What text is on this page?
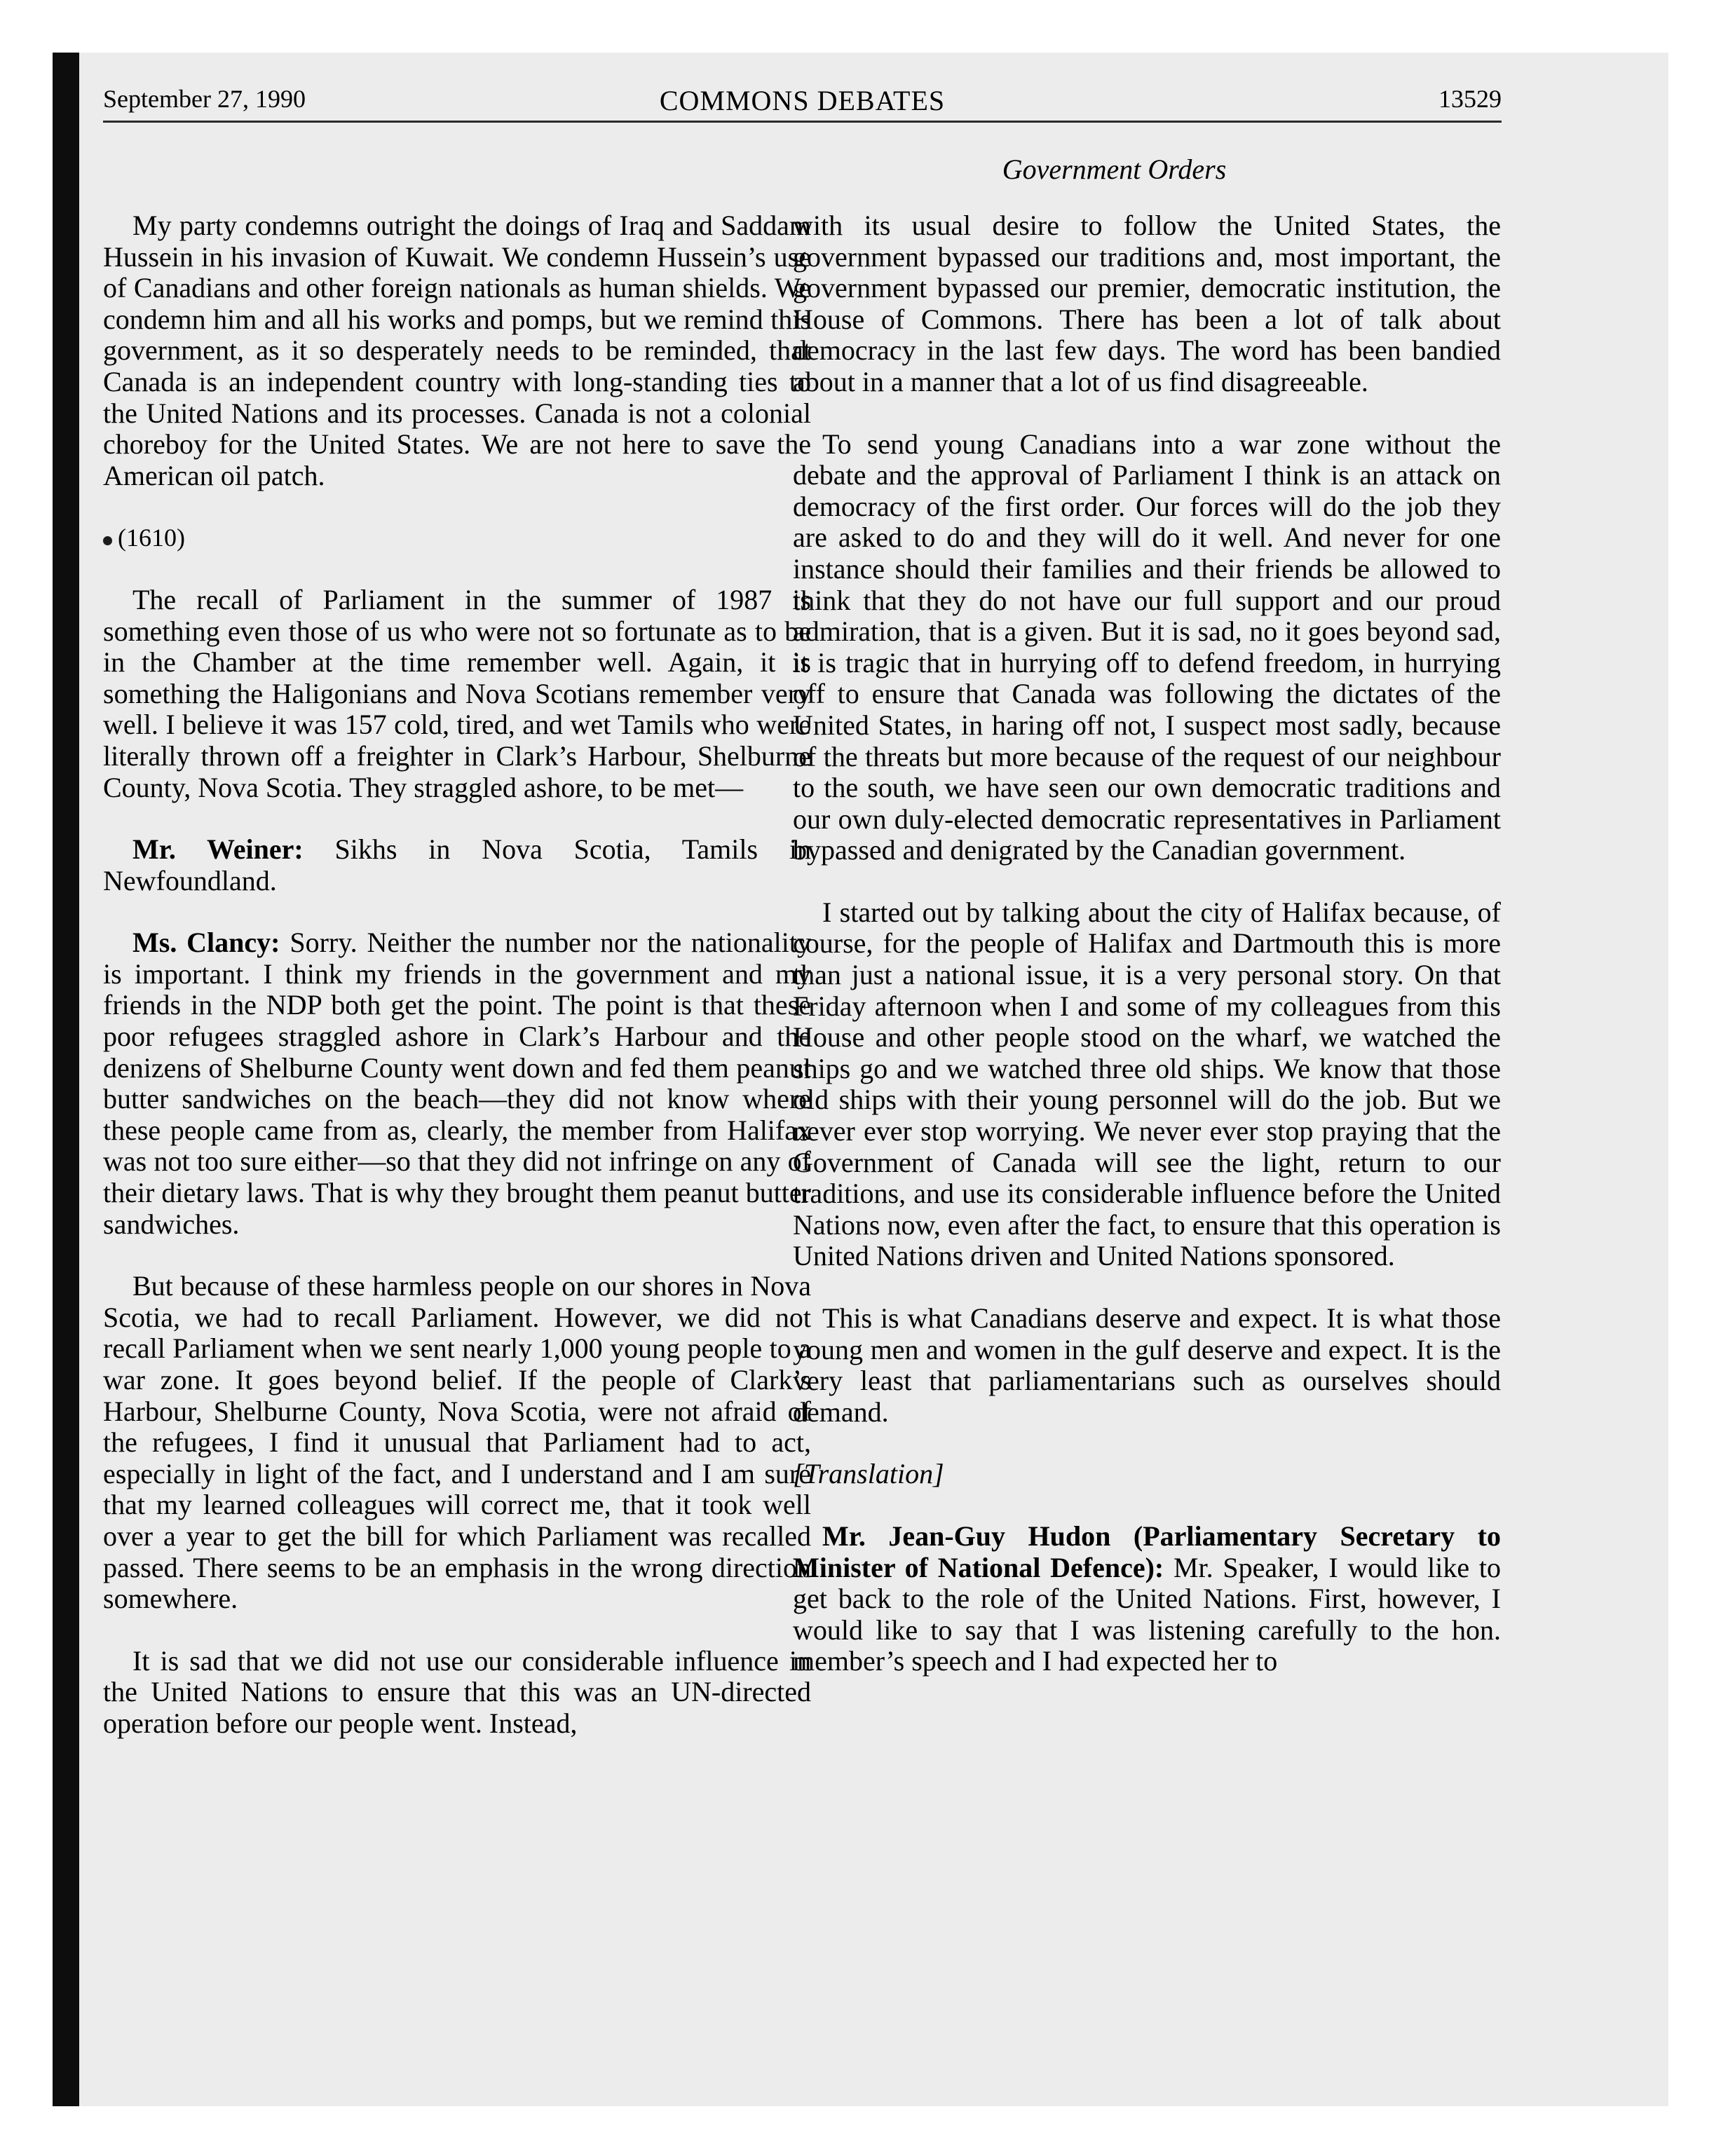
September 27, 1990	COMMONS DEBATES	13529
Government Orders

My party condemns outright the doings of Iraq and Saddam Hussein in his invasion of Kuwait. We condemn Hussein’s use of Canadians and other foreign nationals as human shields. We condemn him and all his works and pomps, but we remind this government, as it so desperately needs to be reminded, that Canada is an independent country with long-standing ties to the United Nations and its processes. Canada is not a colonial choreboy for the United States. We are not here to save the American oil patch.

(1610)

The recall of Parliament in the summer of 1987 is something even those of us who were not so fortunate as to be in the Chamber at the time remember well. Again, it is something the Haligonians and Nova Scotians remember very well. I believe it was 157 cold, tired, and wet Tamils who were literally thrown off a freighter in Clark’s Harbour, Shelburne County, Nova Scotia. They straggled ashore, to be met—

Mr. Weiner: Sikhs in Nova Scotia, Tamils in Newfoundland.

Ms. Clancy: Sorry. Neither the number nor the nationality is important. I think my friends in the government and my friends in the NDP both get the point. The point is that these poor refugees straggled ashore in Clark’s Harbour and the denizens of Shelburne County went down and fed them peanut butter sandwiches on the beach—they did not know where these people came from as, clearly, the member from Halifax was not too sure either—so that they did not infringe on any of their dietary laws. That is why they brought them peanut butter sandwiches.

But because of these harmless people on our shores in Nova Scotia, we had to recall Parliament. However, we did not recall Parliament when we sent nearly 1,000 young people to a war zone. It goes beyond belief. If the people of Clark’s Harbour, Shelburne County, Nova Scotia, were not afraid of the refugees, I find it unusual that Parliament had to act, especially in light of the fact, and I understand and I am sure that my learned colleagues will correct me, that it took well over a year to get the bill for which Parliament was recalled passed. There seems to be an emphasis in the wrong direction somewhere.

It is sad that we did not use our considerable influence in the United Nations to ensure that this was an UN-directed operation before our people went. Instead,

with its usual desire to follow the United States, the government bypassed our traditions and, most important, the government bypassed our premier, democratic institution, the House of Commons. There has been a lot of talk about democracy in the last few days. The word has been bandied about in a manner that a lot of us find disagreeable.

To send young Canadians into a war zone without the debate and the approval of Parliament I think is an attack on democracy of the first order. Our forces will do the job they are asked to do and they will do it well. And never for one instance should their families and their friends be allowed to think that they do not have our full support and our proud admiration, that is a given. But it is sad, no it goes beyond sad, it is tragic that in hurrying off to defend freedom, in hurrying off to ensure that Canada was following the dictates of the United States, in haring off not, I suspect most sadly, because of the threats but more because of the request of our neighbour to the south, we have seen our own democratic traditions and our own duly-elected democratic representatives in Parliament bypassed and denigrated by the Canadian government.

I started out by talking about the city of Halifax because, of course, for the people of Halifax and Dartmouth this is more than just a national issue, it is a very personal story. On that Friday afternoon when I and some of my colleagues from this House and other people stood on the wharf, we watched the ships go and we watched three old ships. We know that those old ships with their young personnel will do the job. But we never ever stop worrying. We never ever stop praying that the Government of Canada will see the light, return to our traditions, and use its considerable influence before the United Nations now, even after the fact, to ensure that this operation is United Nations driven and United Nations sponsored.

This is what Canadians deserve and expect. It is what those young men and women in the gulf deserve and expect. It is the very least that parliamentarians such as ourselves should demand.

[Translation]

Mr. Jean-Guy Hudon (Parliamentary Secretary to Minister of National Defence): Mr. Speaker, I would like to get back to the role of the United Nations. First, however, I would like to say that I was listening carefully to the hon. member’s speech and I had expected her to
